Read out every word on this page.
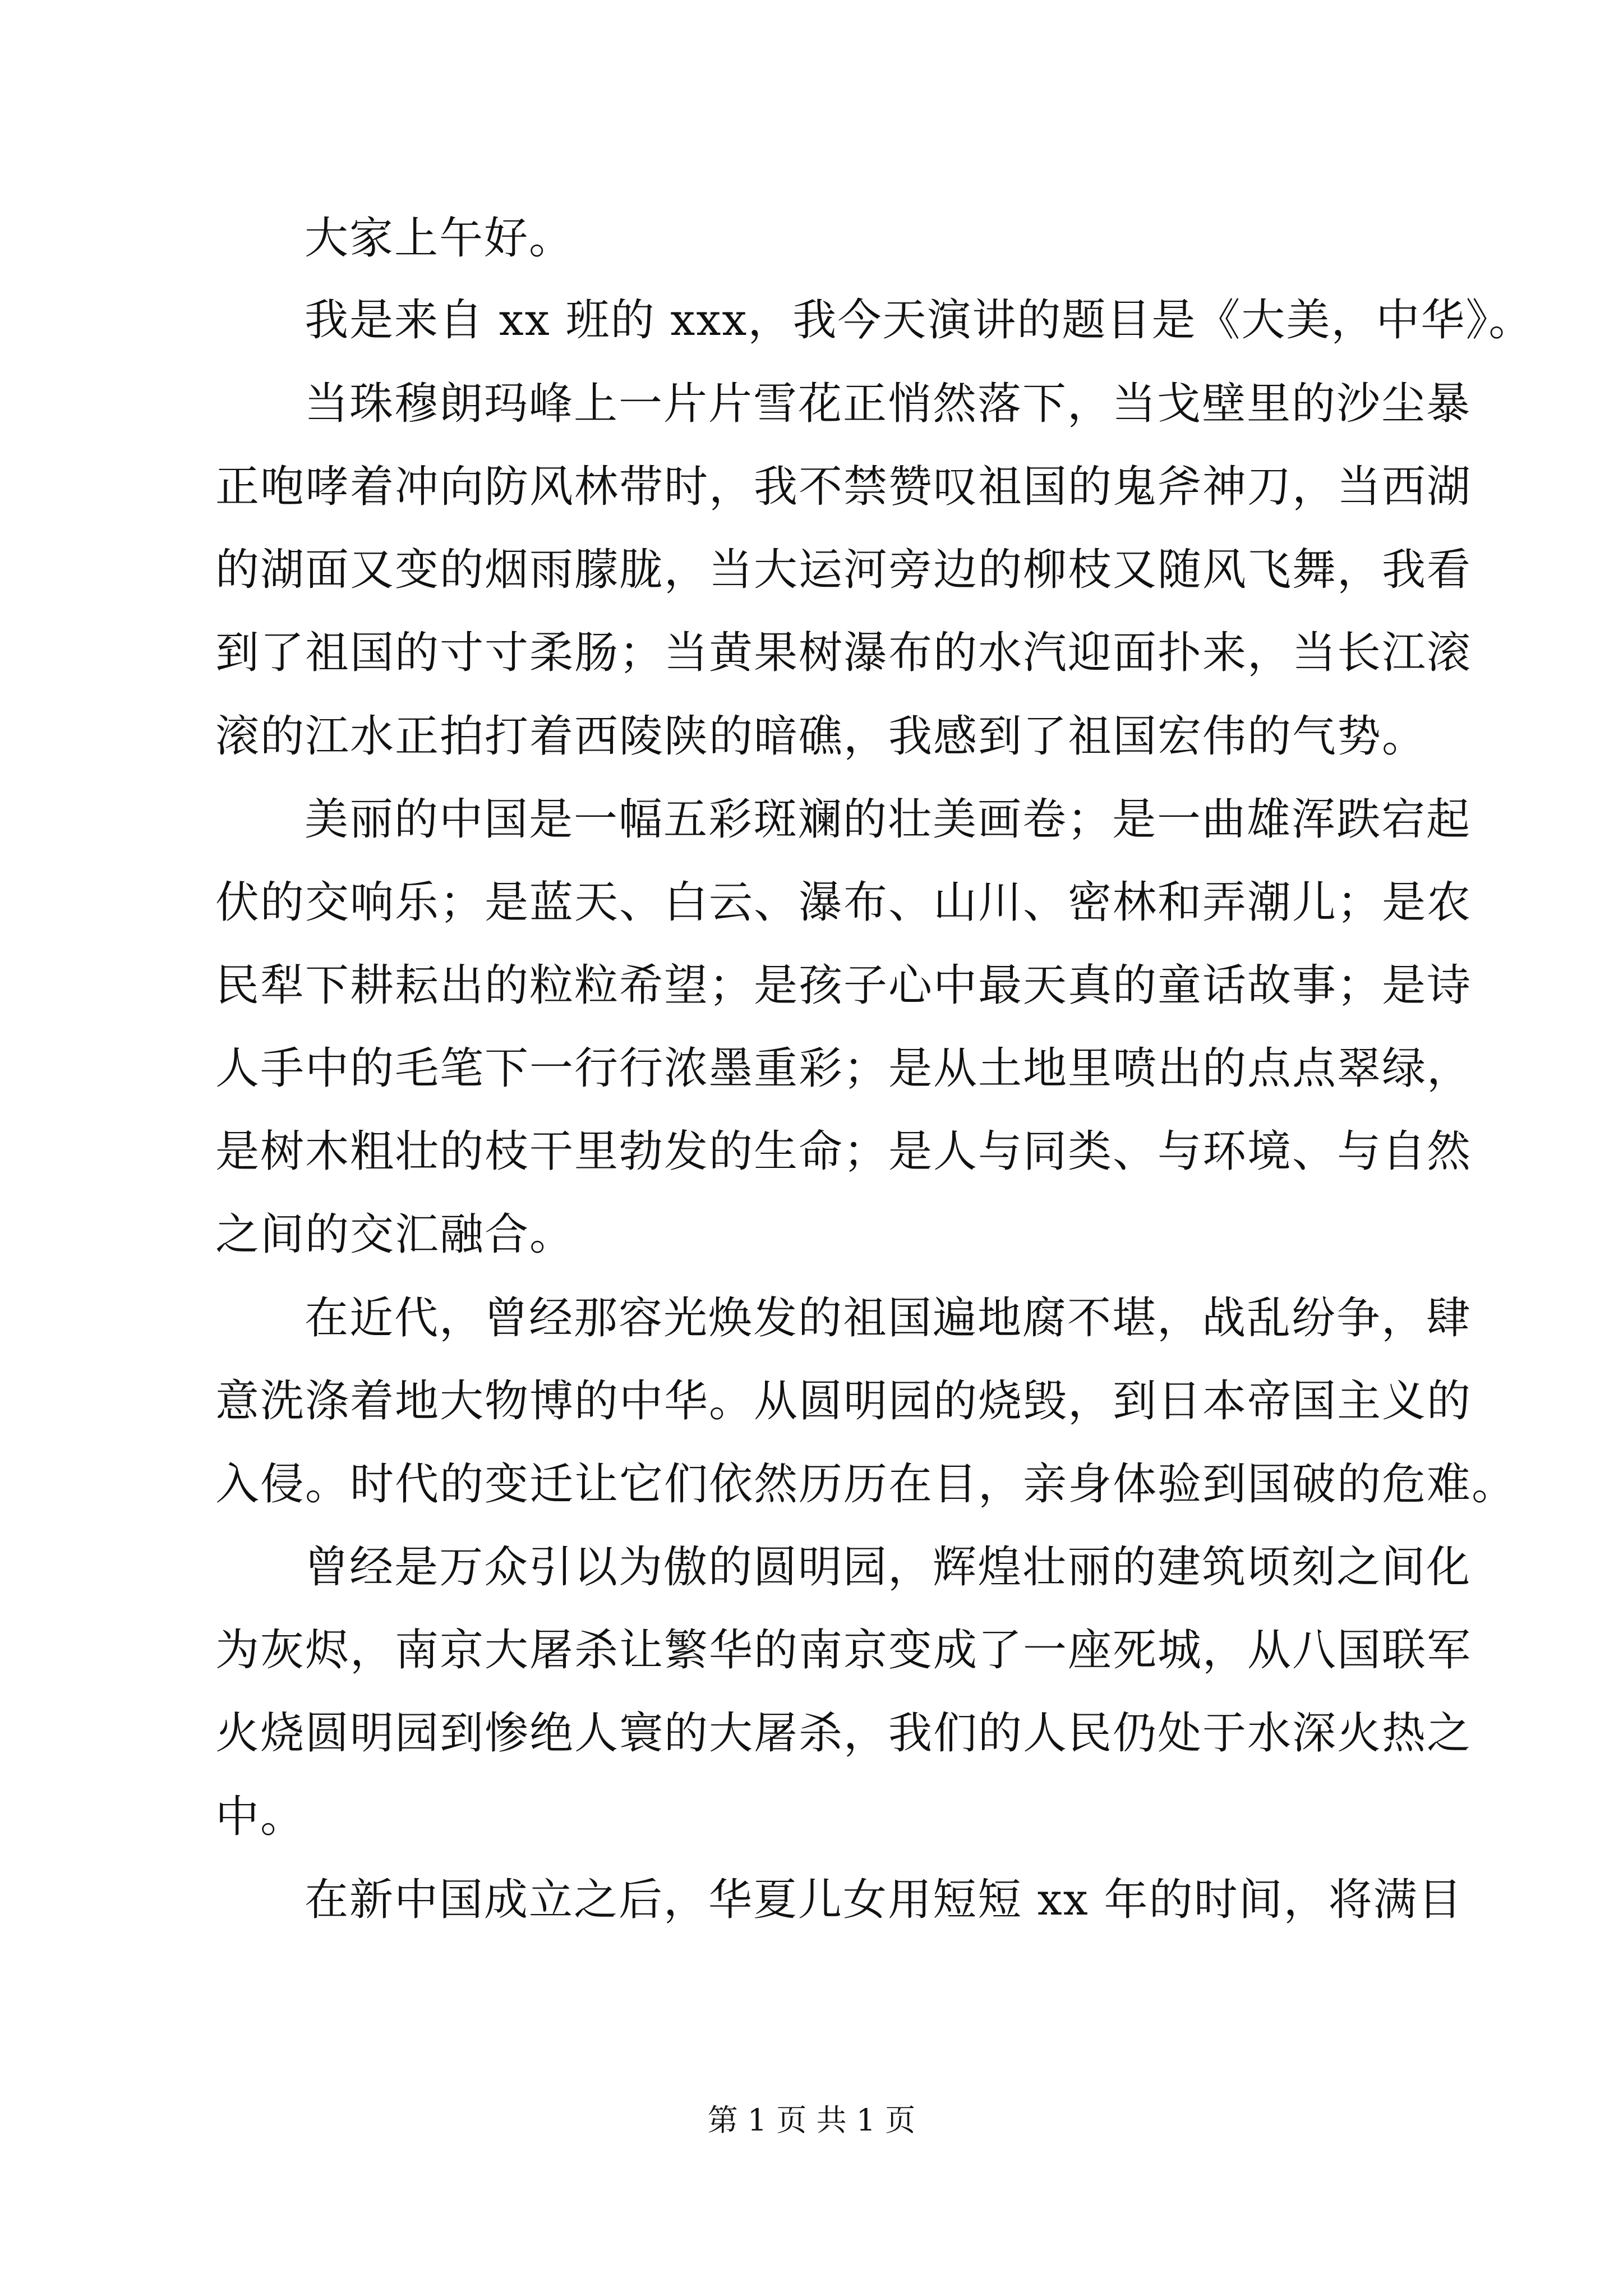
大家上午好。
我是来自 xx 班的 xxx，我今天演讲的题目是《大美，中华》。
当珠穆朗玛峰上一片片雪花正悄然落下，当戈壁里的沙尘暴
正咆哮着冲向防风林带时，我不禁赞叹祖国的鬼斧神刀，当西湖
的湖面又变的烟雨朦胧，当大运河旁边的柳枝又随风飞舞，我看
到了祖国的寸寸柔肠；当黄果树瀑布的水汽迎面扑来，当长江滚
滚的江水正拍打着西陵陕的暗礁，我感到了祖国宏伟的气势。
美丽的中国是一幅五彩斑斓的壮美画卷；是一曲雄浑跌宕起
伏的交响乐；是蓝天、白云、瀑布、山川、密林和弄潮儿；是农
民犁下耕耘出的粒粒希望；是孩子心中最天真的童话故事；是诗
人手中的毛笔下一行行浓墨重彩；是从土地里喷出的点点翠绿，
是树木粗壮的枝干里勃发的生命；是人与同类、与环境、与自然
之间的交汇融合。
在近代，曾经那容光焕发的祖国遍地腐不堪，战乱纷争，肆
意洗涤着地大物博的中华。从圆明园的烧毁，到日本帝国主义的
入侵。时代的变迁让它们依然历历在目，亲身体验到国破的危难。
曾经是万众引以为傲的圆明园，辉煌壮丽的建筑顷刻之间化
为灰烬，南京大屠杀让繁华的南京变成了一座死城，从八国联军
火烧圆明园到惨绝人寰的大屠杀，我们的人民仍处于水深火热之
中。
在新中国成立之后，华夏儿女用短短 xx 年的时间，将满目
第 1 页 共 1 页
